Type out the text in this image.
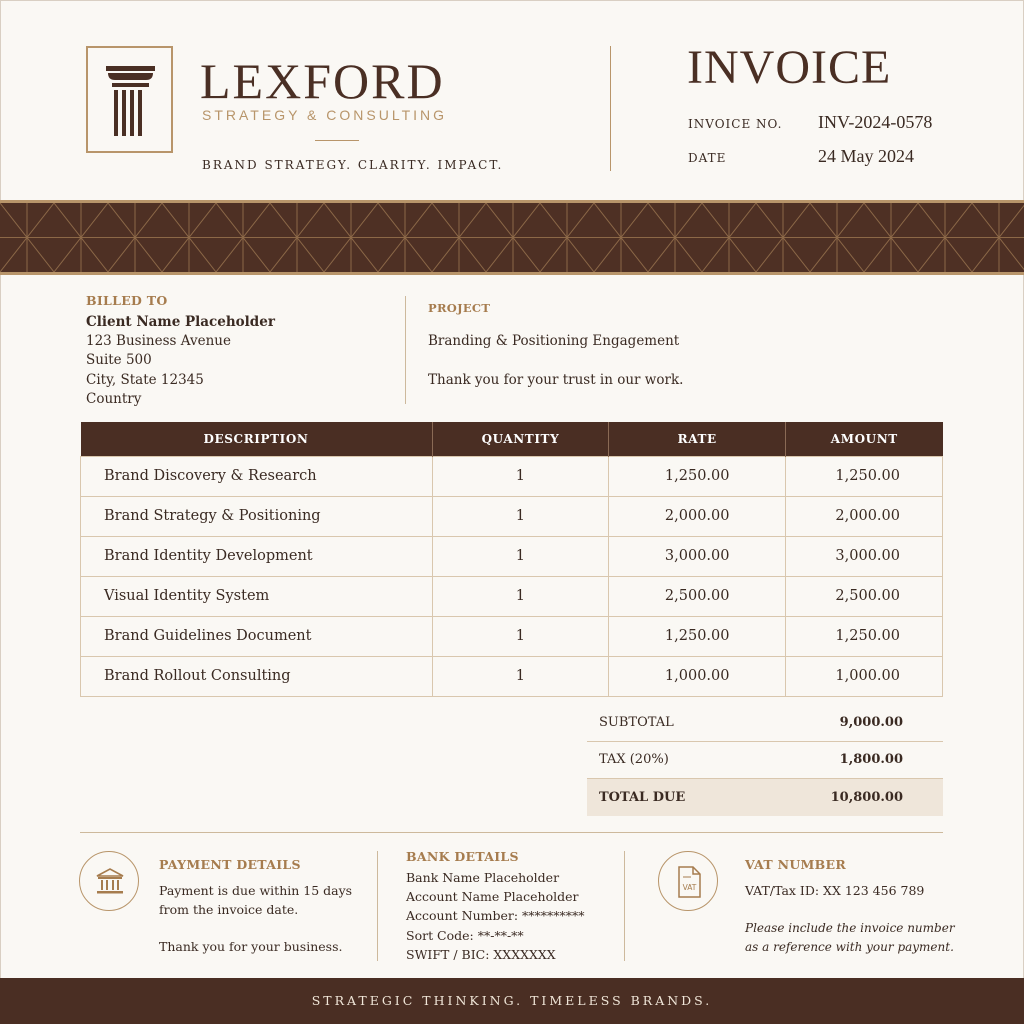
LEXFORD
STRATEGY & CONSULTING
BRAND STRATEGY. CLARITY. IMPACT.
INVOICE
INVOICE NO. INV-2024-0578
DATE	24 May 2024
BILLED TO
Client Name Placeholder
123 Business Avenue
Suite 500
City, State 12345
Country
PROJECT
Branding & Positioning Engagement
Thank you for your trust in our work.
DESCRIPTION	QUANTITY	RATE	AMOUNT
Brand Discovery & Research	1	1,250.00	1,250.00
Brand Strategy & Positioning	1	2,000.00	2,000.00
Brand Identity Development	1	3,000.00	3,000.00
Visual Identity System	1	2,500.00	2,500.00
Brand Guidelines Document	1	1,250.00	1,250.00
Brand Rollout Consulting	1	1,000.00	1,000.00
SUBTOTAL	9,000.00
TAX (20%)	1,800.00
TOTAL DUE	10,800.00
PAYMENT DETAILS
Payment is due within 15 days
from the invoice date.
Thank you for your business.
BANK DETAILS
Bank Name Placeholder
Account Name Placeholder
Account Number: **********
Sort Code: **-**-**
SWIFT / BIC: XXXXXXX
VAT
VAT NUMBER
VAT/Tax ID: XX 123 456 789
Please include the invoice number
as a reference with your payment.
STRATEGIC THINKING. TIMELESS BRANDS.
